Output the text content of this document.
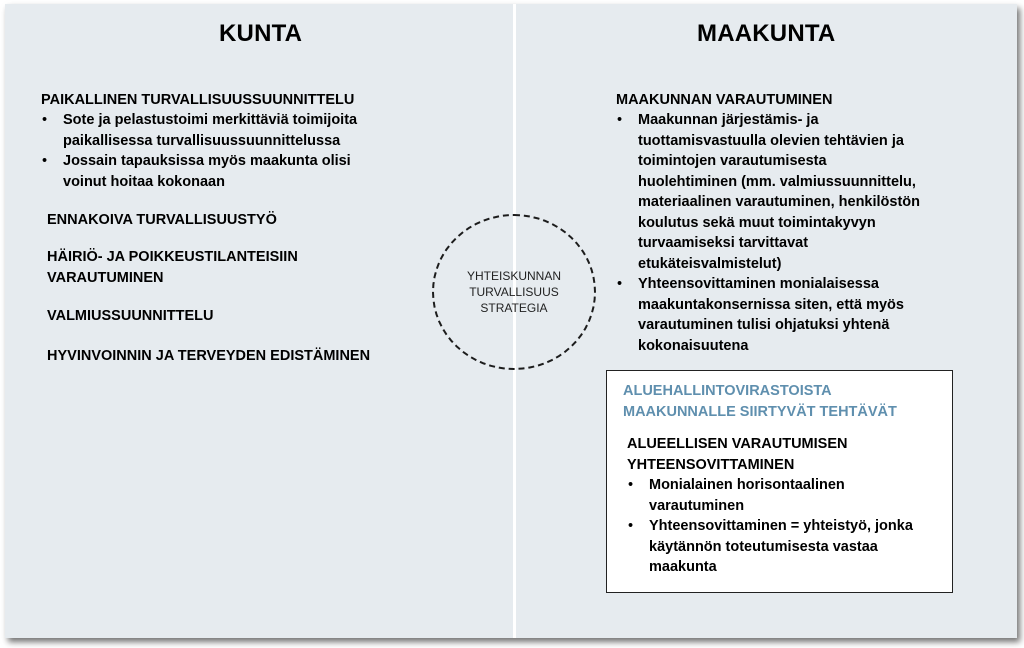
KUNTA
PAIKALLINEN TURVALLISUUSSUUNNITTELU
• Sote ja pelastustoimi merkittäviä toimijoita paikallisessa turvallisuussuunnittelussa
• Jossain tapauksissa myös maakunta olisi voinut hoitaa kokonaan
ENNAKOIVA TURVALLISUUSTYÖ
HÄIRIÖ- JA POIKKEUSTILANTEISIIN VARAUTUMINEN
VALMIUSSUUNNITTELU
HYVINVOINNIN JA TERVEYDEN EDISTÄMINEN
YHTEISKUNNAN
TURVALLISUUS
STRATEGIA
MAAKUNTA
MAAKUNNAN VARAUTUMINEN
• Maakunnan järjestämis- ja tuottamisvastuulla olevien tehtävien ja toimintojen varautumisesta huolehtiminen (mm. valmiussuunnittelu, materiaalinen varautuminen, henkilöstön koulutus sekä muut toimintakyvyn turvaamiseksi tarvittavat etukäteisvalmistelut)
• Yhteensovittaminen monialaisessa maakuntakonsernissa siten, että myös varautuminen tulisi ohjatuksi yhtenä kokonaisuutena
ALUEHALLINTOVIRASTOISTA MAAKUNNALLE SIIRTYVÄT TEHTÄVÄT
ALUEELLISEN VARAUTUMISEN YHTEENSOVITTAMINEN
• Monialainen horisontaalinen varautuminen
• Yhteensovittaminen = yhteistyö, jonka käytännön toteutumisesta vastaa maakunta
